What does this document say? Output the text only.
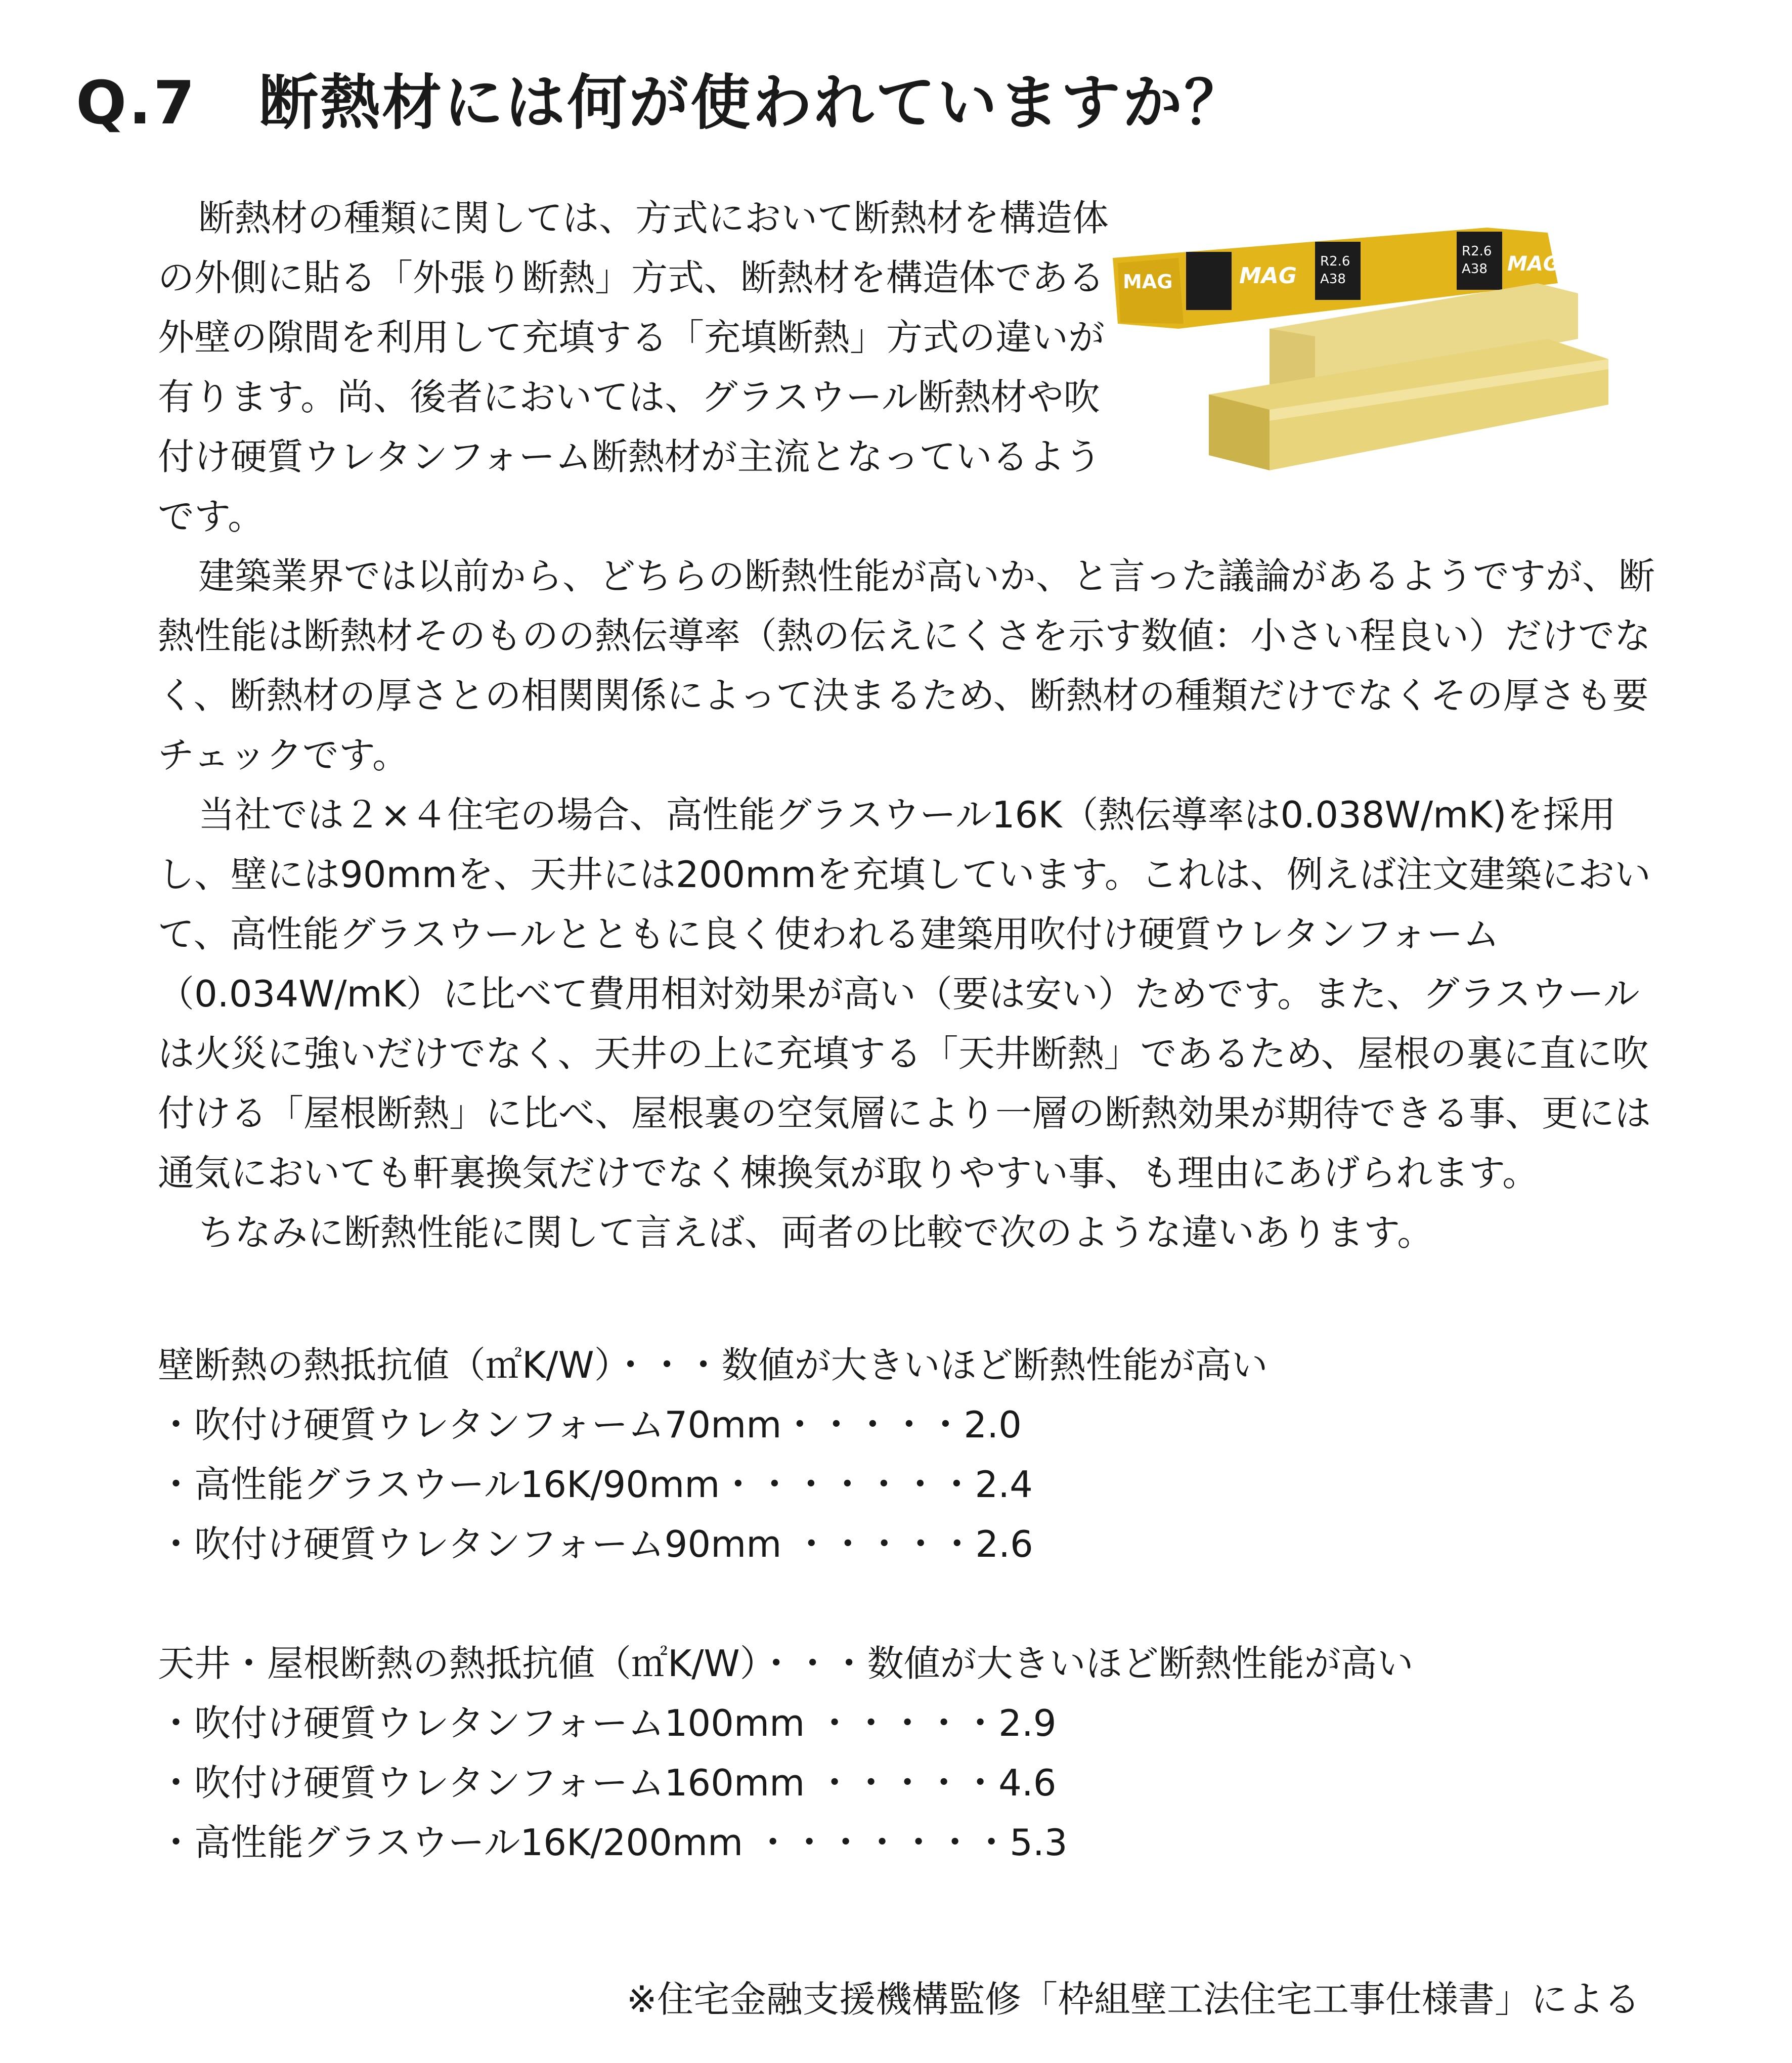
Q.7　断熱材には何が使われていますか？

断熱材の種類に関しては、方式において断熱材を構造体の外側に貼る「外張り断熱」方式、断熱材を構造体である外壁の隙間を利用して充填する「充填断熱」方式の違いが有ります。尚、後者においては、グラスウール断熱材や吹付け硬質ウレタンフォーム断熱材が主流となっているようです。

建築業界では以前から、どちらの断熱性能が高いか、と言った議論があるようですが、断熱性能は断熱材そのものの熱伝導率（熱の伝えにくさを示す数値：小さい程良い）だけでなく、断熱材の厚さとの相関関係によって決まるため、断熱材の種類だけでなくその厚さも要チェックです。

当社では２×４住宅の場合、高性能グラスウール16K（熱伝導率は0.038W/mK)を採用し、壁には90mmを、天井には200mmを充填しています。これは、例えば注文建築において、高性能グラスウールとともに良く使われる建築用吹付け硬質ウレタンフォーム（0.034W/mK）に比べて費用相対効果が高い（要は安い）ためです。また、グラスウールは火災に強いだけでなく、天井の上に充填する「天井断熱」であるため、屋根の裏に直に吹付ける「屋根断熱」に比べ、屋根裏の空気層により一層の断熱効果が期待できる事、更には通気においても軒裏換気だけでなく棟換気が取りやすい事、も理由にあげられます。

ちなみに断熱性能に関して言えば、両者の比較で次のような違いあります。

壁断熱の熱抵抗値（㎡K/W）・・・数値が大きいほど断熱性能が高い
・吹付け硬質ウレタンフォーム70mm・・・・・2.0
・高性能グラスウール16K/90mm・・・・・・・2.4
・吹付け硬質ウレタンフォーム90mm ・・・・・2.6
天井・屋根断熱の熱抵抗値（㎡K/W）・・・数値が大きいほど断熱性能が高い
・吹付け硬質ウレタンフォーム100mm ・・・・・2.9
・吹付け硬質ウレタンフォーム160mm ・・・・・4.6
・高性能グラスウール16K/200mm ・・・・・・・5.3
※住宅金融支援機構監修「枠組壁工法住宅工事仕様書」による
MAG	MAG	MAG
R2.6
A38
R2.6
A38
